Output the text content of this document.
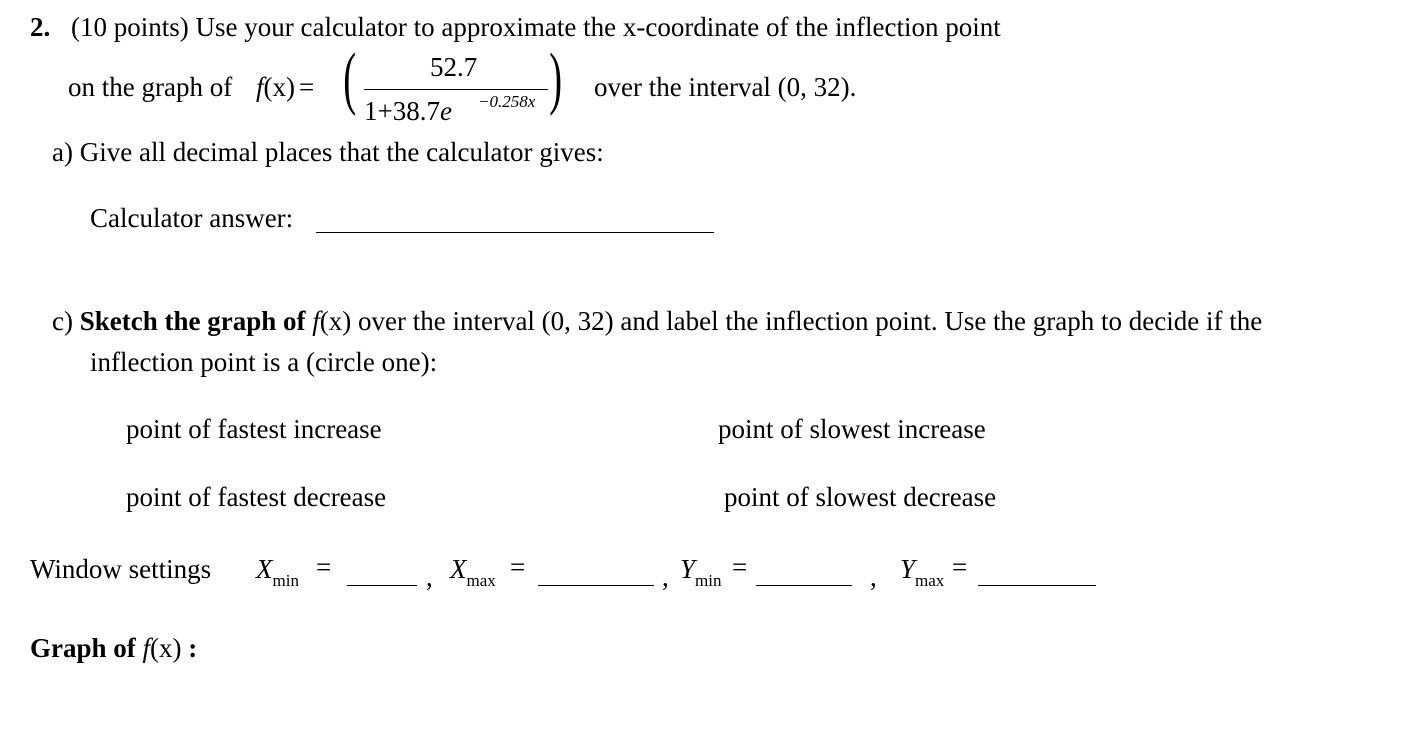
2. (10 points) Use your calculator to approximate the x-coordinate of the inflection point
on the graph of f(x) = (	)
52.7
1+38.7e −0.258x over the interval (0, 32).
a) Give all decimal places that the calculator gives:
Calculator answer:
c) Sketch the graph of f(x) over the interval (0, 32) and label the inflection point. Use the graph to decide if the
inflection point is a (circle one):
point of fastest increase	point of slowest increase
point of fastest decrease	point of slowest decrease
Window settings $X_{min}$ =	, $X_{max}$ =	, $Y_{min}$ =	, $Y_{max}$ =
Graph of f(x) :
